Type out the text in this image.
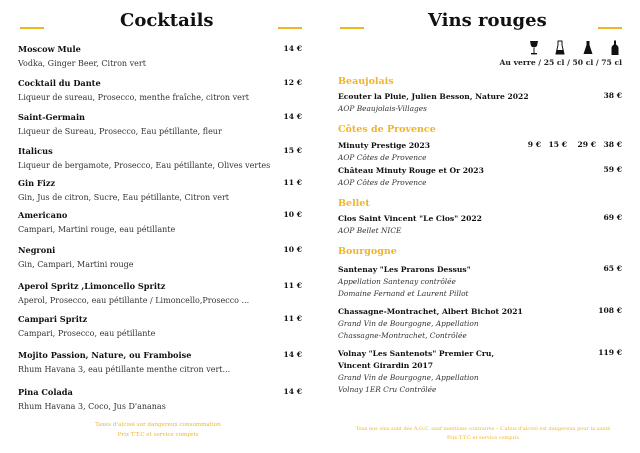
Cocktails
Moscow Mule
Vodka, Ginger Beer, Citron vert
14 €
Cocktail du Dante
Liqueur de sureau, Prosecco, menthe fraîche, citron vert
12 €
Saint-Germain
Liqueur de Sureau, Prosecco, Eau pétillante, fleur
14 €
Italicus
Liqueur de bergamote, Prosecco, Eau pétillante, Olives vertes
15 €
Gin Fizz
Gin, Jus de citron, Sucre, Eau pétillante, Citron vert
11 €
Americano
Campari, Martini rouge, eau pétillante
10 €
Negroni
Gin, Campari, Martini rouge
10 €
Aperol Spritz ,Limoncello Spritz
Aperol, Prosecco, eau pétillante / Limoncello,Prosecco ...
11 €
Campari Spritz
Campari, Prosecco, eau pétillante
11 €
Mojito Passion, Nature, ou Framboise
Rhum Havana 3, eau pétillante menthe citron vert...
14 €
Pina Colada
Rhum Havana 3, Coco, Jus D'ananas
14 €
Taxes d'alcool sur dangereux consommation
Prix T.T.C et service compris
Vins rouges
Au verre / 25 cl / 50 cl / 75 cl
Beaujolais
Ecouter la Pluie, Julien Besson, Nature 2022
AOP Beaujolais-Villages
38 €
Côtes de Provence
Minuty Prestige 2023
AOP Côtes de Provence
9 € 15 € 29 € 38 €
Château Minuty Rouge et Or 2023
AOP Côtes de Provence
59 €
Bellet
Clos Saint Vincent "Le Clos" 2022
AOP Bellet NICE
69 €
Bourgogne
Santenay "Les Prarons Dessus"
Appellation Santenay contrôlée
Domaine Fernand et Laurent Pillot
65 €
Chassagne-Montrachet, Albert Bichot 2021
Grand Vin de Bourgogne, Appellation
Chassagne-Montrachet, Contrôlée
108 €
Volnay "Les Santenots" Premier Cru, Vincent Girardin 2017
Grand Vin de Bourgogne, Appellation
Volnay 1ER Cru Contrôlée
119 €
Tous nos vins sont des A.O.C. sauf mentions contraires – L'abus d'alcool est dangereux pour la santé
Prix T.T.C et service compris
